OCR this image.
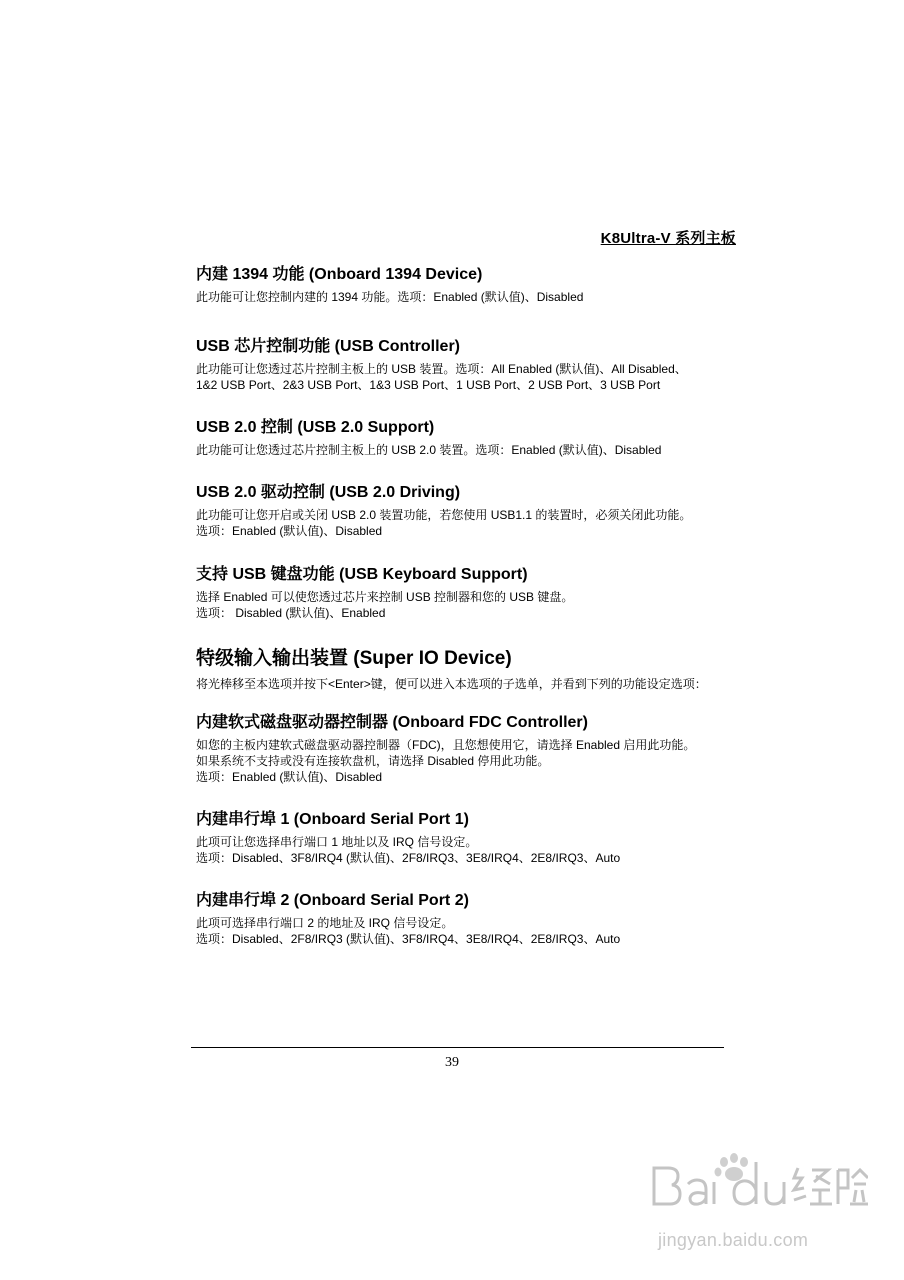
K8Ultra-V 系列主板
内建 1394 功能 (Onboard 1394 Device)
此功能可让您控制内建的 1394 功能。选项：Enabled (默认值)、Disabled
USB 芯片控制功能 (USB Controller)
此功能可让您透过芯片控制主板上的 USB 装置。选项：All Enabled (默认值)、All Disabled、
1&2 USB Port、2&3 USB Port、1&3 USB Port、1 USB Port、2 USB Port、3 USB Port
USB 2.0 控制 (USB 2.0 Support)
此功能可让您透过芯片控制主板上的 USB 2.0 装置。选项：Enabled (默认值)、Disabled
USB 2.0 驱动控制 (USB 2.0 Driving)
此功能可让您开启或关闭 USB 2.0 装置功能，若您使用 USB1.1 的装置时，必须关闭此功能。
选项：Enabled (默认值)、Disabled
支持 USB 键盘功能 (USB Keyboard Support)
选择 Enabled 可以使您透过芯片来控制 USB 控制器和您的 USB 键盘。
选项： Disabled (默认值)、Enabled
特级输入输出装置 (Super IO Device)
将光棒移至本选项并按下<Enter>键，便可以进入本选项的子选单，并看到下列的功能设定选项：
内建软式磁盘驱动器控制器 (Onboard FDC Controller)
如您的主板内建软式磁盘驱动器控制器（FDC)，且您想使用它，请选择 Enabled 启用此功能。
如果系统不支持或没有连接软盘机，请选择 Disabled 停用此功能。
选项：Enabled (默认值)、Disabled
内建串行埠 1 (Onboard Serial Port 1)
此项可让您选择串行端口 1 地址以及 IRQ 信号设定。
选项：Disabled、3F8/IRQ4 (默认值)、2F8/IRQ3、3E8/IRQ4、2E8/IRQ3、Auto
内建串行埠 2 (Onboard Serial Port 2)
此项可选择串行端口 2 的地址及 IRQ 信号设定。
选项：Disabled、2F8/IRQ3 (默认值)、3F8/IRQ4、3E8/IRQ4、2E8/IRQ3、Auto
39
jingyan.baidu.com
